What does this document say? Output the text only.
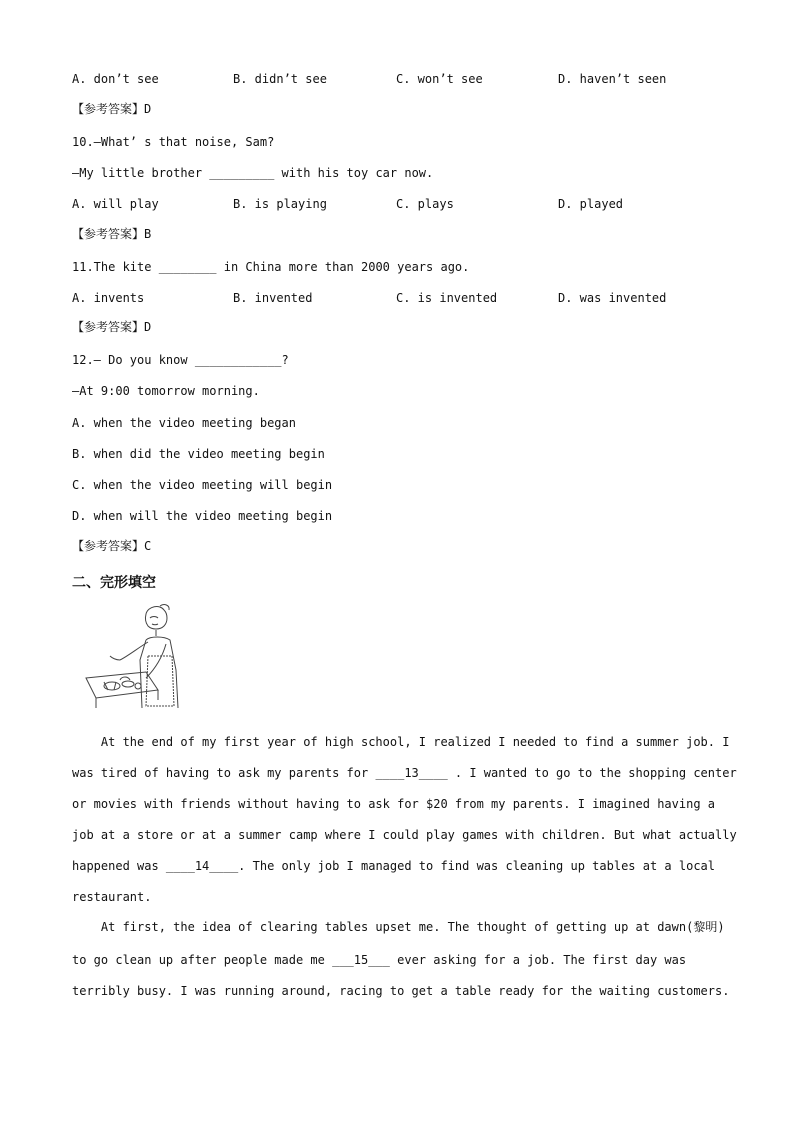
A. don’t see	B. didn’t see	C. won’t see	D. haven’t seen
【参考答案】D
10.—What’ s that noise, Sam?
—My little brother _________ with his toy car now.
A. will play	B. is playing	C. plays	D. played
【参考答案】B
11.The kite ________ in China more than 2000 years ago.
A. invents	B. invented	C. is invented	D. was invented
【参考答案】D
12.— Do you know ____________?
—At 9:00 tomorrow morning.
A. when the video meeting began
B. when did the video meeting begin
C. when the video meeting will begin
D. when will the video meeting begin
【参考答案】C
二、完形填空
At the end of my first year of high school, I realized I needed to find a summer job. I
was tired of having to ask my parents for ____13____ . I wanted to go to the shopping center
or movies with friends without having to ask for $20 from my parents. I imagined having a
job at a store or at a summer camp where I could play games with children. But what actually
happened was ____14____. The only job I managed to find was cleaning up tables at a local
restaurant.
At first, the idea of clearing tables upset me. The thought of getting up at dawn(黎明)
to go clean up after people made me ___15___ ever asking for a job. The first day was
terribly busy. I was running around, racing to get a table ready for the waiting customers.
